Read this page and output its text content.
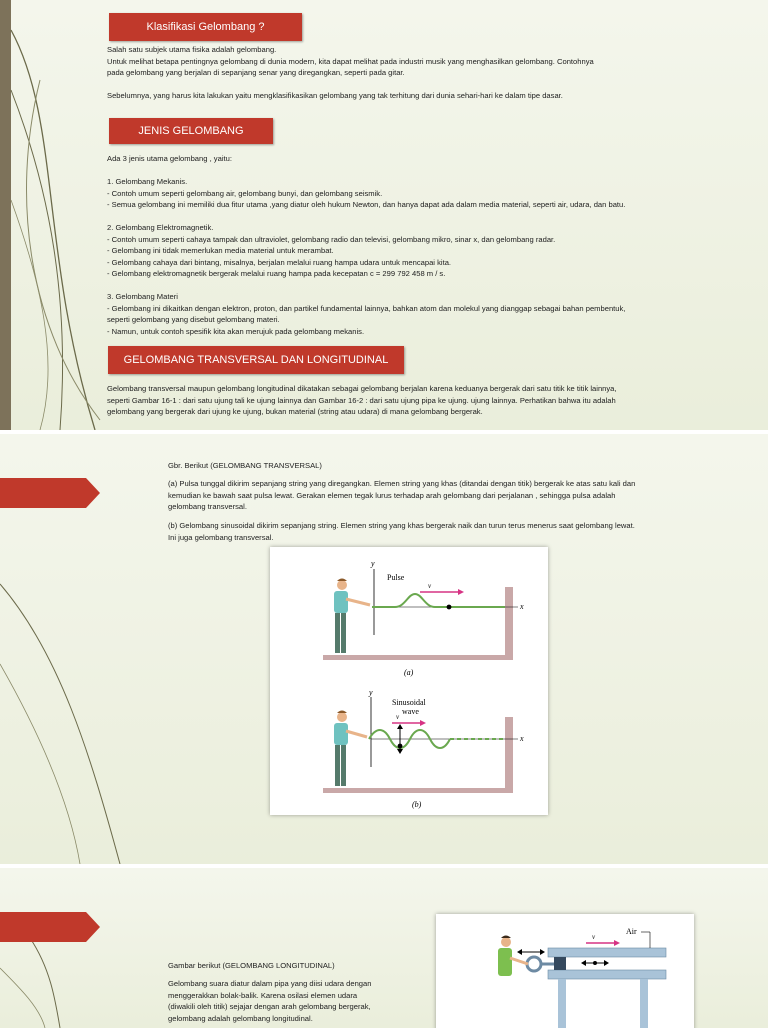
Klasifikasi Gelombang ?
Salah satu subjek utama fisika adalah gelombang.
Untuk melihat betapa pentingnya gelombang di dunia modern, kita dapat melihat pada industri musik yang menghasilkan gelombang. Contohnya
pada gelombang yang berjalan di sepanjang senar yang diregangkan, seperti pada gitar.

Sebelumnya, yang harus kita lakukan yaitu mengklasifikasikan gelombang yang tak terhitung dari dunia sehari-hari ke dalam tipe dasar.
JENIS GELOMBANG
Ada 3 jenis utama gelombang , yaitu:

1. Gelombang Mekanis.
- Contoh umum seperti gelombang air, gelombang bunyi, dan gelombang seismik.
- Semua gelombang ini memiliki dua fitur utama ,yang diatur oleh hukum Newton, dan hanya dapat ada dalam media material, seperti air, udara, dan batu.

2. Gelombang Elektromagnetik.
- Contoh umum seperti cahaya tampak dan ultraviolet, gelombang radio dan televisi, gelombang mikro, sinar x, dan gelombang radar.
- Gelombang ini tidak memerlukan media material untuk merambat.
- Gelombang cahaya dari bintang, misalnya, berjalan melalui ruang hampa udara untuk mencapai kita.
- Gelombang elektromagnetik bergerak melalui ruang hampa pada kecepatan c = 299 792 458 m / s.

3. Gelombang Materi
- Gelombang ini dikaitkan dengan elektron, proton, dan partikel fundamental lainnya, bahkan atom dan molekul yang dianggap sebagai bahan pembentuk,
seperti gelombang yang disebut gelombang materi.
- Namun, untuk contoh spesifik kita akan merujuk pada gelombang mekanis.
GELOMBANG TRANSVERSAL DAN LONGITUDINAL
Gelombang transversal maupun gelombang longitudinal dikatakan sebagai gelombang berjalan karena keduanya bergerak dari satu titik ke titik lainnya,
seperti Gambar 16-1 : dari satu ujung tali ke ujung lainnya dan Gambar 16-2 : dari satu ujung pipa ke ujung. ujung lainnya. Perhatikan bahwa itu adalah
gelombang yang bergerak dari ujung ke ujung, bukan material (string atau udara) di mana gelombang bergerak.
Gbr. Berikut (GELOMBANG TRANSVERSAL)
(a) Pulsa tunggal dikirim sepanjang string yang diregangkan. Elemen string yang khas (ditandai dengan titik) bergerak ke atas satu kali dan
kemudian ke bawah saat pulsa lewat. Gerakan elemen tegak lurus terhadap arah gelombang dari perjalanan , sehingga pulsa adalah
gelombang transversal.
(b) Gelombang sinusoidal dikirim sepanjang string. Elemen string yang khas bergerak naik dan turun terus menerus saat gelombang lewat.
Ini juga gelombang transversal.
y
x
Pulse
v
(a)
y
x
Sinusoidal
wave
v
(b)
Gambar berikut (GELOMBANG LONGITUDINAL)
Gelombang suara diatur dalam pipa yang diisi udara dengan
menggerakkan bolak-balik. Karena osilasi elemen udara
(diwakili oleh titik) sejajar dengan arah gelombang bergerak,
gelombang adalah gelombang longitudinal.
v
Air
